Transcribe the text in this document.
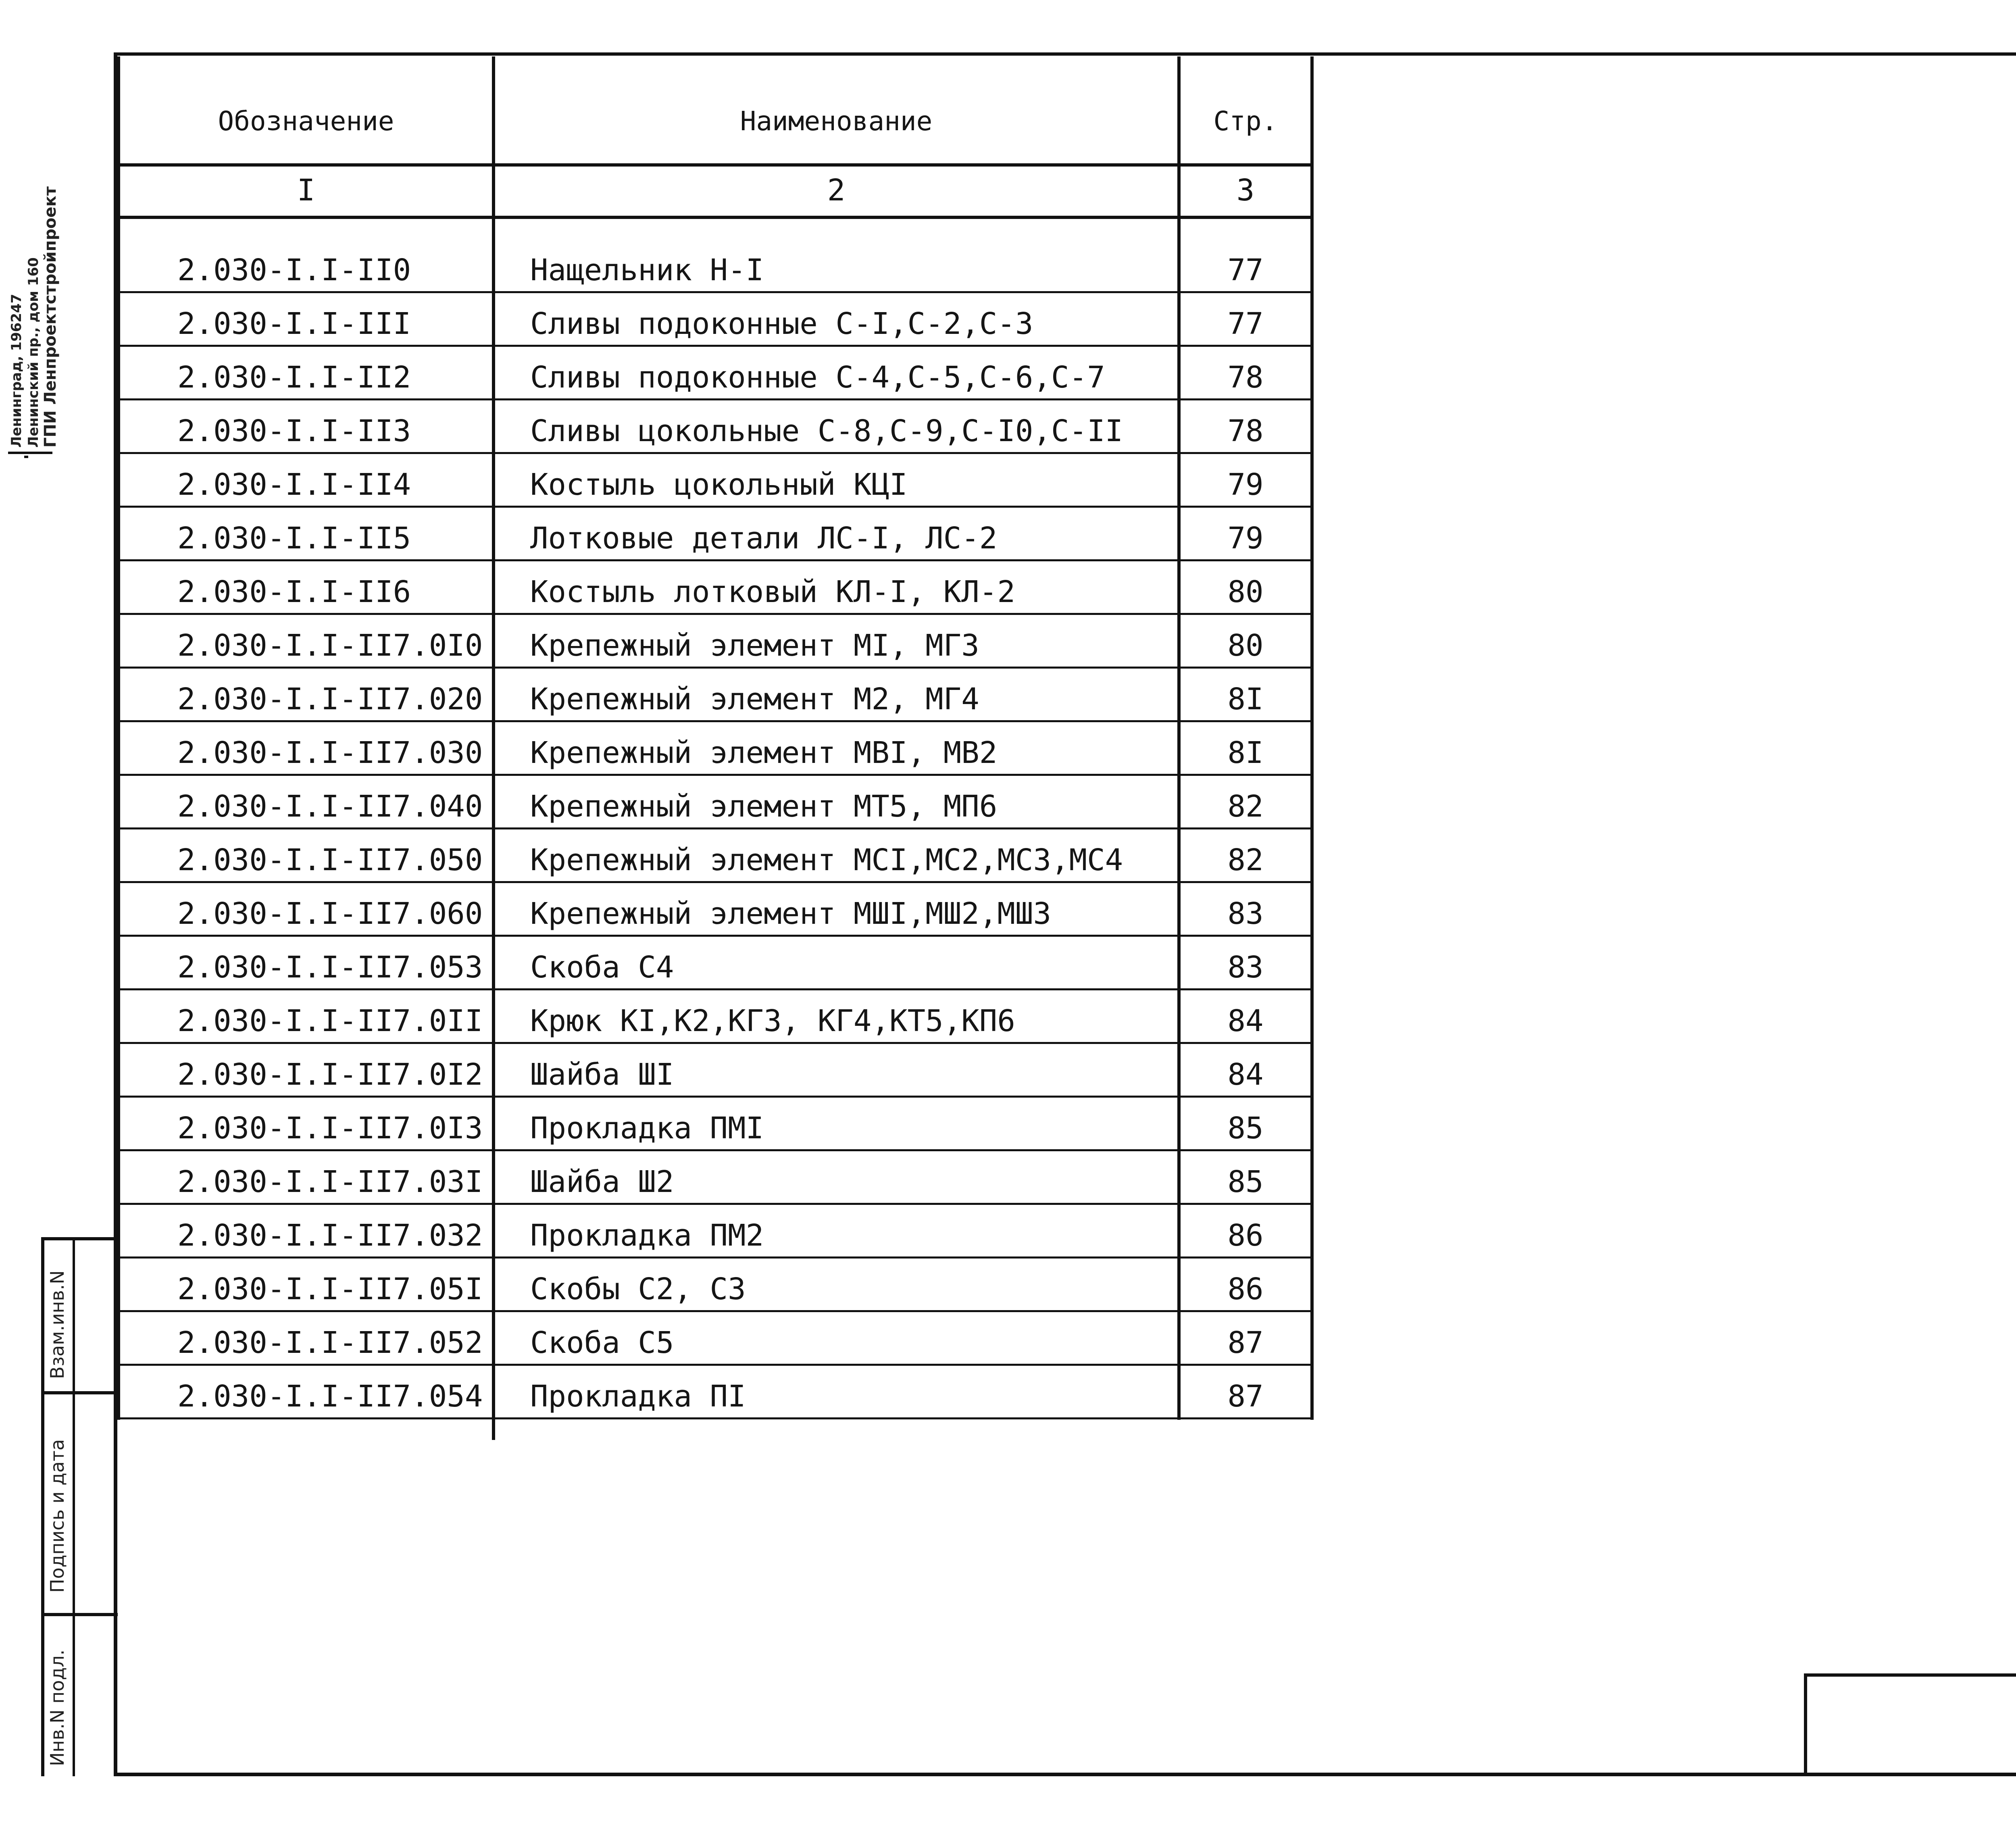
Ленинград, 196247 Ленинский пр., дом 160 ГПИ Ленпроектстройпроект
Инв.N подл.
Подпись и дата
Взам.инв.N
Обозначение	Наименование	Стр.
I	2	3
2.030-I.I-II0	Нащельник Н-I	77
2.030-I.I-III	Сливы подоконные С-I,С-2,С-3	77
2.030-I.I-II2	Сливы подоконные С-4,С-5,С-6,С-7	78
2.030-I.I-II3	Сливы цокольные С-8,С-9,С-I0,С-II	78
2.030-I.I-II4	Костыль цокольный КЦI	79
2.030-I.I-II5	Лотковые детали ЛС-I, ЛС-2	79
2.030-I.I-II6	Костыль лотковый КЛ-I, КЛ-2	80
2.030-I.I-II7.0I0 Крепежный элемент МI, МГ3	80
2.030-I.I-II7.020 Крепежный элемент М2, МГ4	8I
2.030-I.I-II7.030 Крепежный элемент МВI, МВ2	8I
2.030-I.I-II7.040 Крепежный элемент МТ5, МП6	82
2.030-I.I-II7.050 Крепежный элемент МСI,МС2,МС3,МС4	82
2.030-I.I-II7.060 Крепежный элемент МШI,МШ2,МШ3	83
2.030-I.I-II7.053 Скоба С4	83
2.030-I.I-II7.0II Крюк КI,К2,КГ3, КГ4,КТ5,КП6	84
2.030-I.I-II7.0I2 Шайба ШI	84
2.030-I.I-II7.0I3 Прокладка ПМI	85
2.030-I.I-II7.03I Шайба Ш2	85
2.030-I.I-II7.032 Прокладка ПМ2	86
2.030-I.I-II7.05I Скобы С2, С3	86
2.030-I.I-II7.052 Скоба С5	87
2.030-I.I-II7.054 Прокладка ПI	87
